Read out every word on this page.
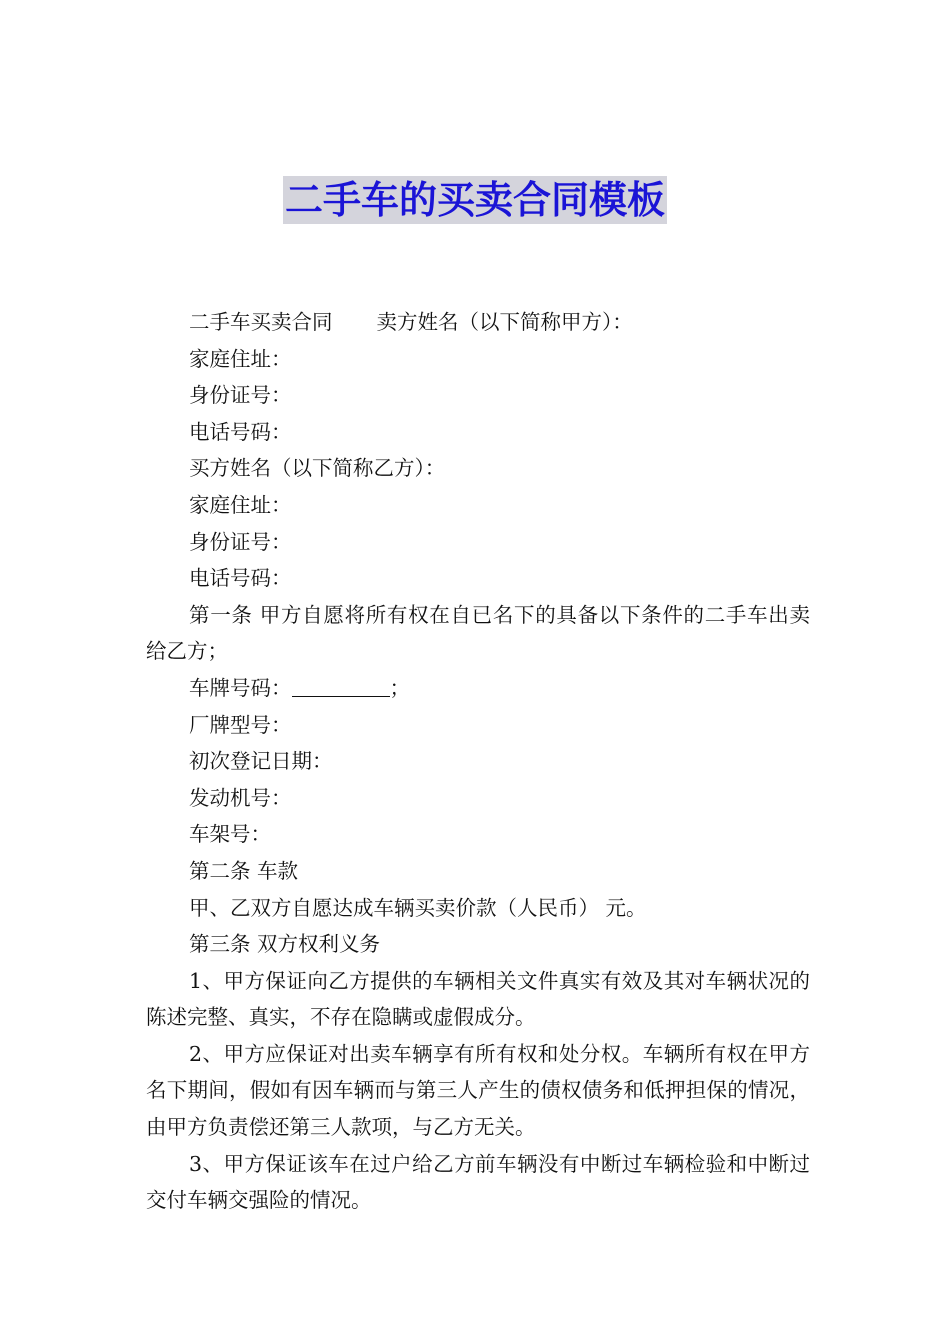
二手车的买卖合同模板

二手车买卖合同 卖方姓名（以下简称甲方）：

家庭住址：

身份证号：

电话号码：

买方姓名（以下简称乙方）：

家庭住址：

身份证号：

电话号码：

第一条 甲方自愿将所有权在自已名下的具备以下条件的二手车出卖给乙方；

车牌号码：	；

厂牌型号：

初次登记日期：

发动机号：

车架号：

第二条 车款

甲、乙双方自愿达成车辆买卖价款（人民币） 元。

第三条 双方权利义务

1、甲方保证向乙方提供的车辆相关文件真实有效及其对车辆状况的陈述完整、真实，不存在隐瞒或虚假成分。

2、甲方应保证对出卖车辆享有所有权和处分权。车辆所有权在甲方名下期间，假如有因车辆而与第三人产生的债权债务和低押担保的情况，由甲方负责偿还第三人款项，与乙方无关。

3、甲方保证该车在过户给乙方前车辆没有中断过车辆检验和中断过交付车辆交强险的情况。
